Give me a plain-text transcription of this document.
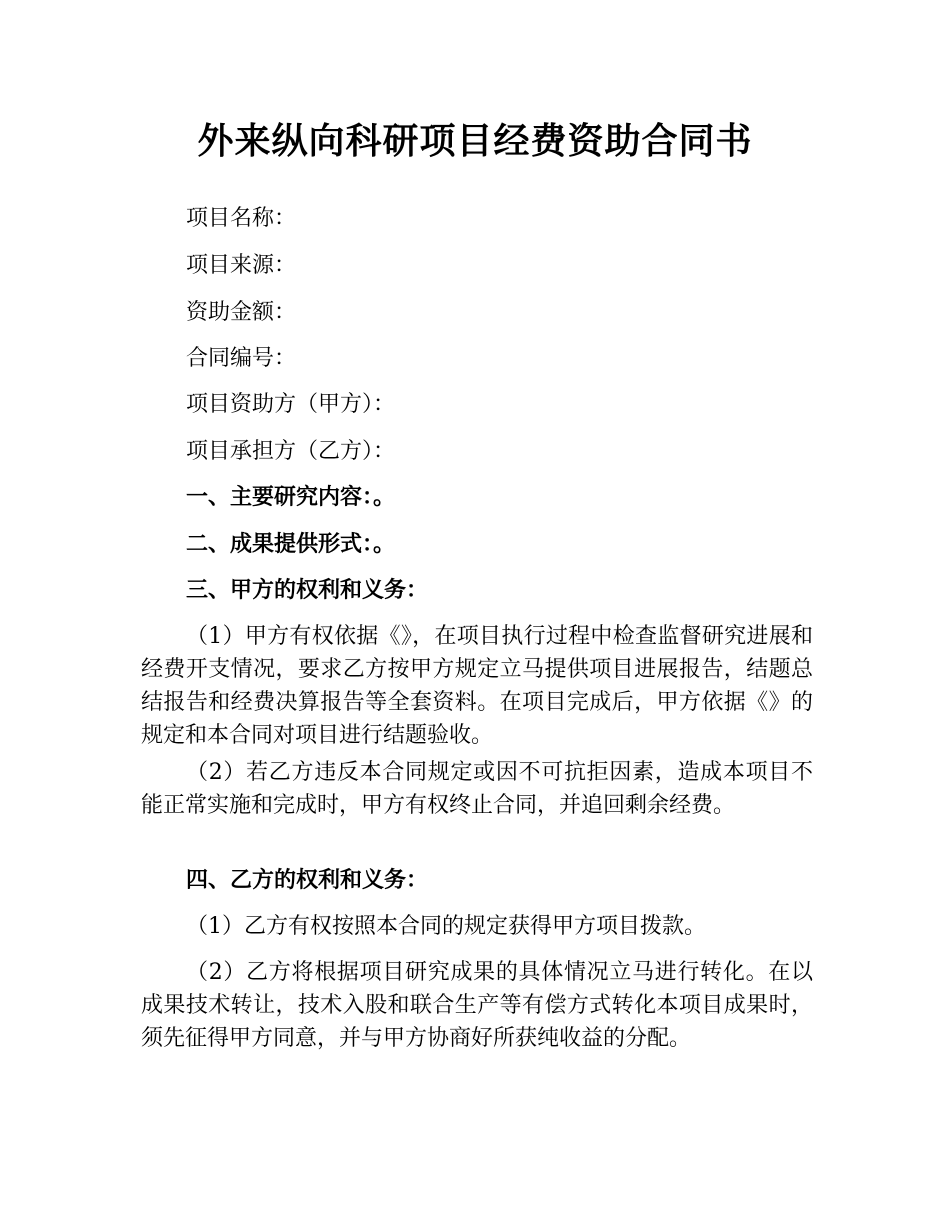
外来纵向科研项目经费资助合同书

项目名称：

项目来源：

资助金额：

合同编号：

项目资助方（甲方）：

项目承担方（乙方）：

一、主要研究内容：。
二、成果提供形式：。
三、甲方的权利和义务：

（1）甲方有权依据《》，在项目执行过程中检查监督研究进展和经费开支情况，要求乙方按甲方规定立马提供项目进展报告，结题总结报告和经费决算报告等全套资料。在项目完成后，甲方依据《》的规定和本合同对项目进行结题验收。

（2）若乙方违反本合同规定或因不可抗拒因素，造成本项目不能正常实施和完成时，甲方有权终止合同，并追回剩余经费。

四、乙方的权利和义务：

（1）乙方有权按照本合同的规定获得甲方项目拨款。

（2）乙方将根据项目研究成果的具体情况立马进行转化。在以成果技术转让，技术入股和联合生产等有偿方式转化本项目成果时，须先征得甲方同意，并与甲方协商好所获纯收益的分配。
